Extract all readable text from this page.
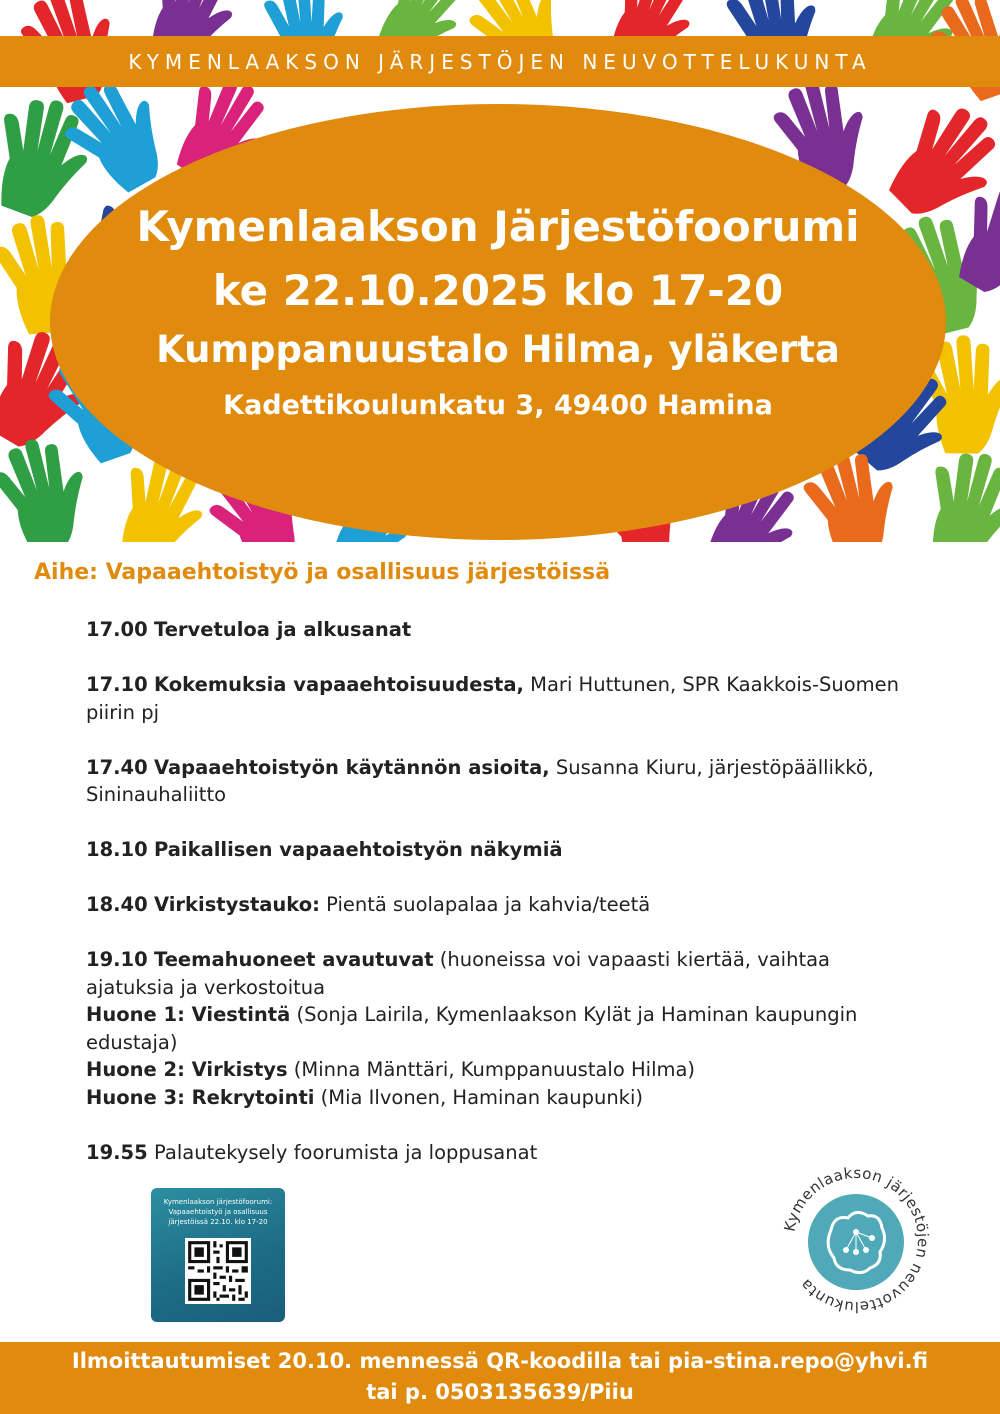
KYMENLAAKSON JÄRJESTÖJEN NEUVOTTELUKUNTA
Kymenlaakson Järjestöfoorumi
ke 22.10.2025 klo 17-20
Kumppanuustalo Hilma, yläkerta
Kadettikoulunkatu 3, 49400 Hamina
Aihe: Vapaaehtoistyö ja osallisuus järjestöissä
17.00 Tervetuloa ja alkusanat
17.10 Kokemuksia vapaaehtoisuudesta, Mari Huttunen, SPR Kaakkois-Suomen piirin pj
17.40 Vapaaehtoistyön käytännön asioita, Susanna Kiuru, järjestöpäällikkö, Sininauhaliitto
18.10 Paikallisen vapaaehtoistyön näkymiä
18.40 Virkistystauko: Pientä suolapalaa ja kahvia/teetä
19.10 Teemahuoneet avautuvat (huoneissa voi vapaasti kiertää, vaihtaa ajatuksia ja verkostoitua
Huone 1: Viestintä (Sonja Lairila, Kymenlaakson Kylät ja Haminan kaupungin edustaja)
Huone 2: Virkistys (Minna Mänttäri, Kumppanuustalo Hilma)
Huone 3: Rekrytointi (Mia Ilvonen, Haminan kaupunki)
19.55 Palautekysely foorumista ja loppusanat
Kymenlaakson järjestöfoorumi:
Vapaaehtoistyö ja osallisuus
järjestöissä 22.10. klo 17-20	Kymenlaakson järjestöjen neuvottelukunta
Ilmoittautumiset 20.10. mennessä QR-koodilla tai pia-stina.repo@yhvi.fi
tai p. 0503135639/Piiu
